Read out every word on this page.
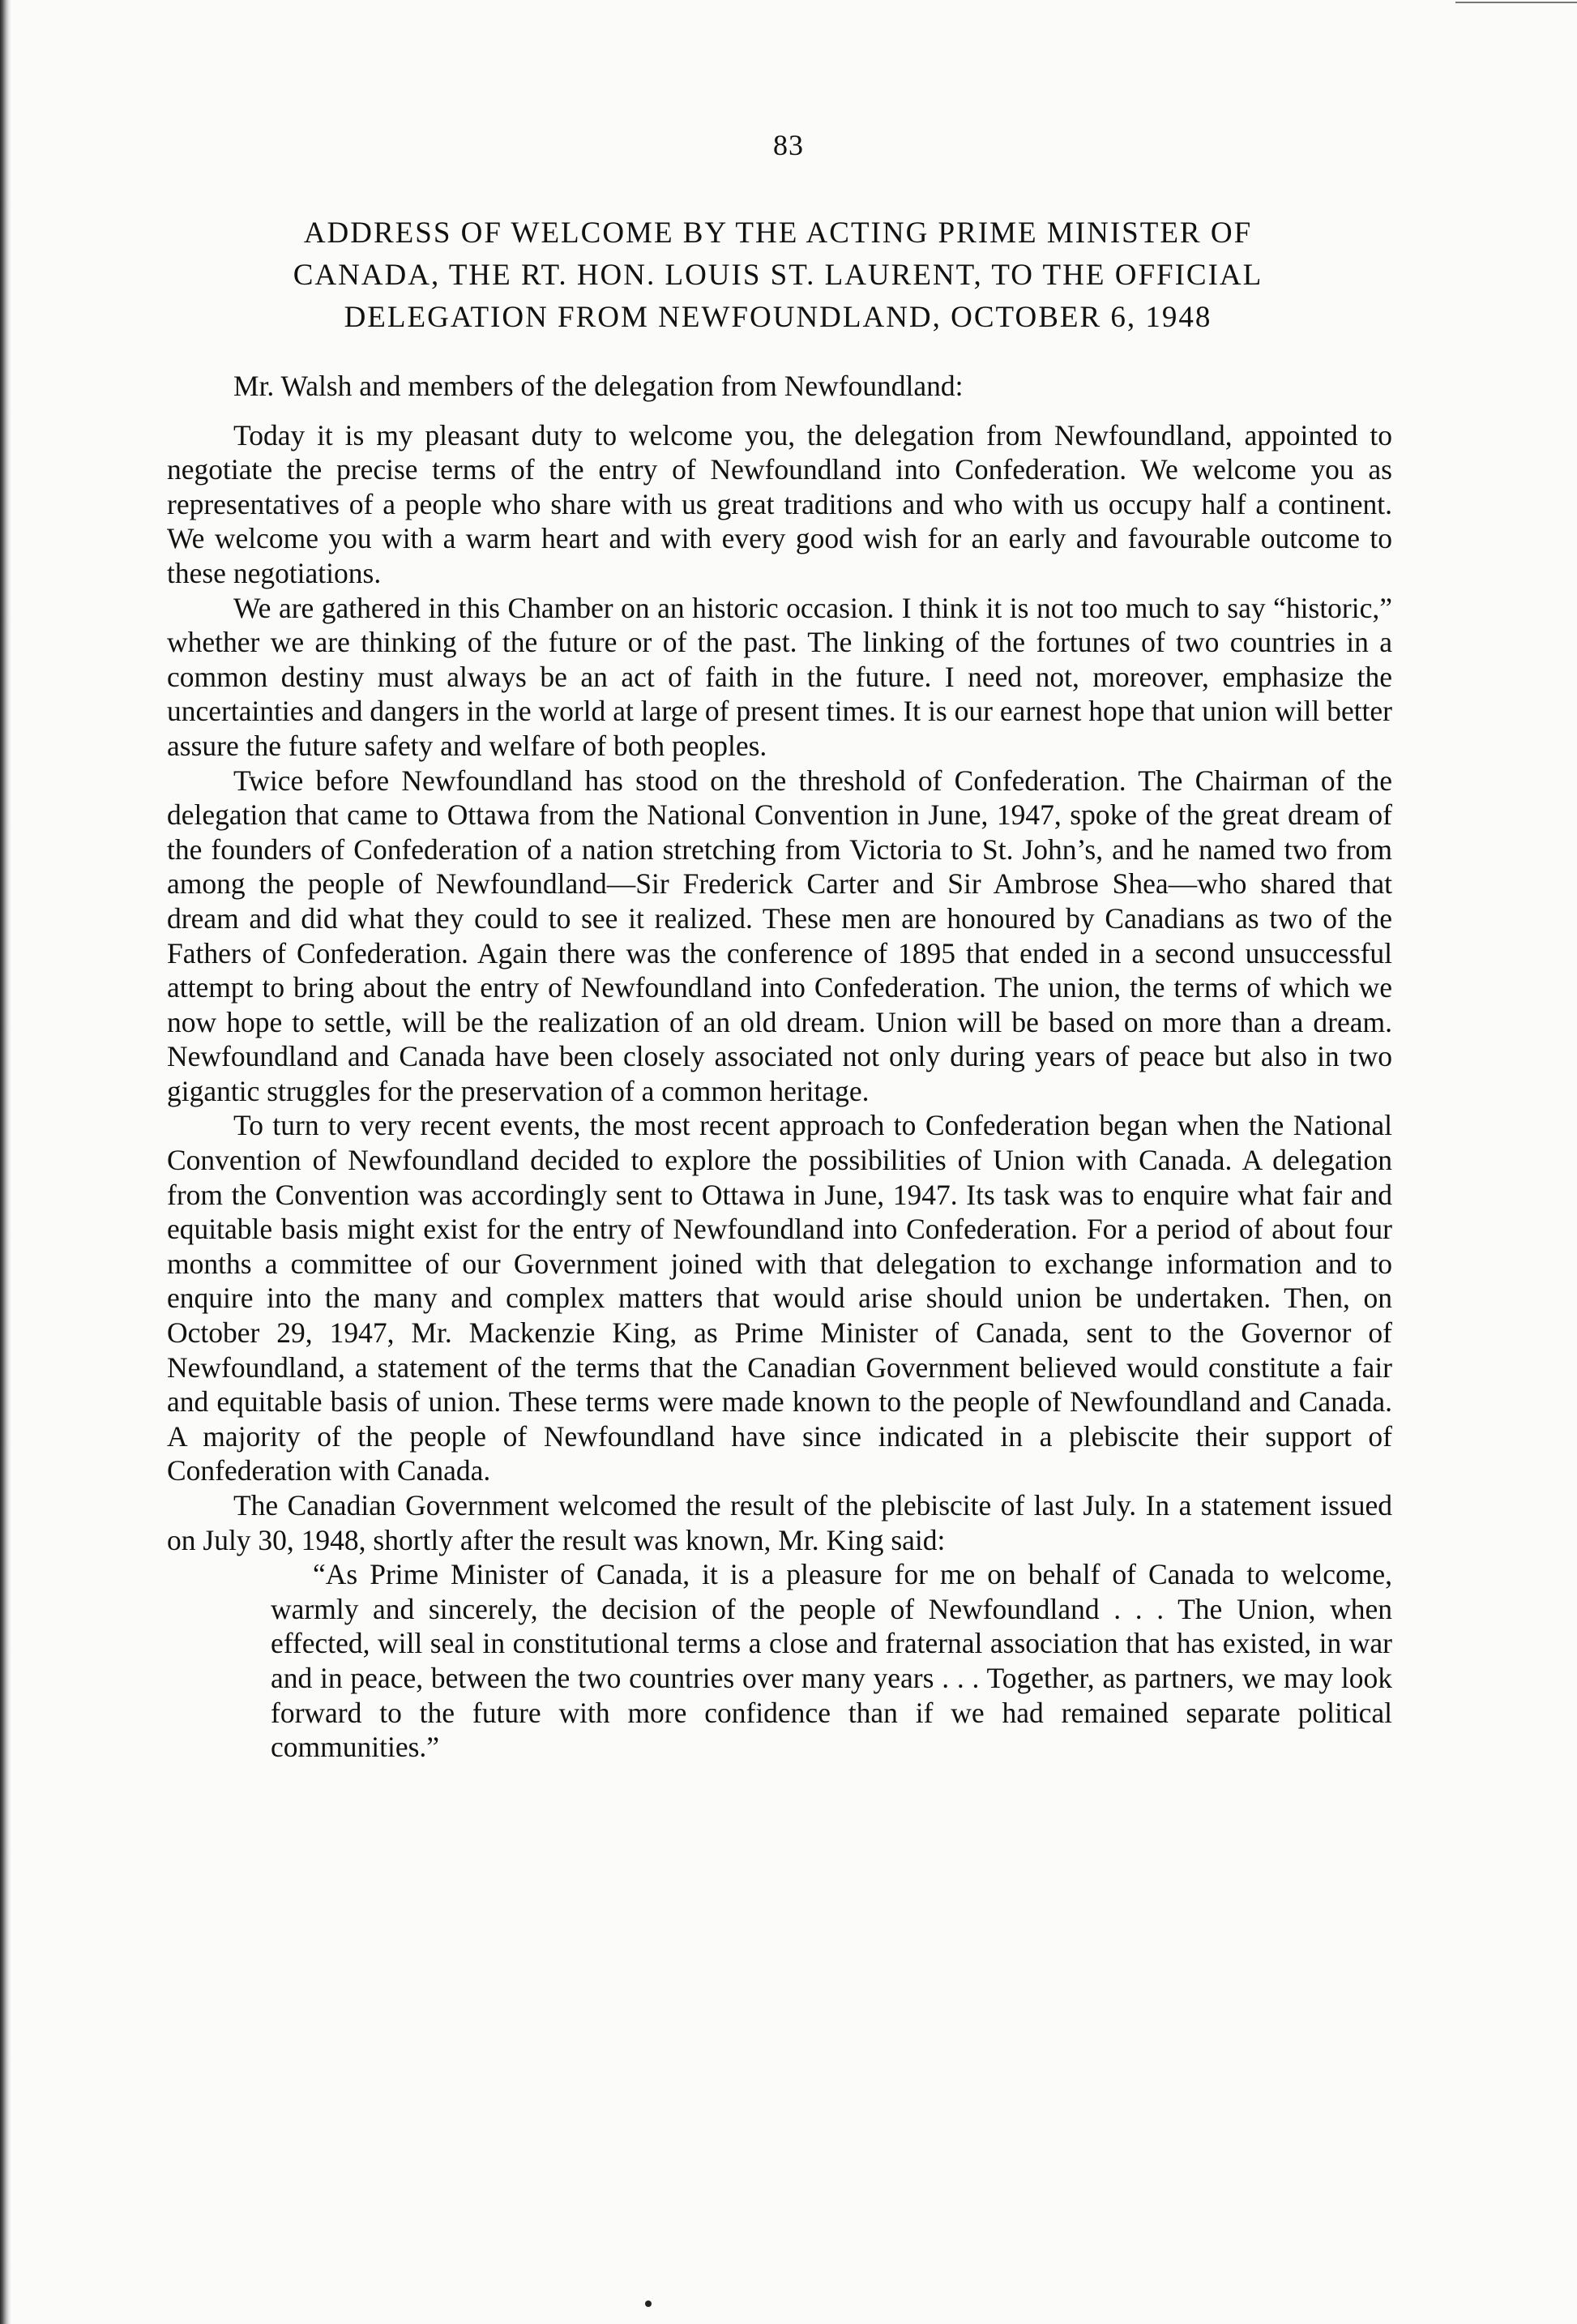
83
ADDRESS OF WELCOME BY THE ACTING PRIME MINISTER OF
CANADA, THE RT. HON. LOUIS ST. LAURENT, TO THE OFFICIAL
DELEGATION FROM NEWFOUNDLAND, OCTOBER 6, 1948

Mr. Walsh and members of the delegation from Newfoundland:

Today it is my pleasant duty to welcome you, the delegation from Newfoundland, appointed to negotiate the precise terms of the entry of Newfoundland into Confederation. We welcome you as representatives of a people who share with us great traditions and who with us occupy half a continent. We welcome you with a warm heart and with every good wish for an early and favourable outcome to these negotiations.

We are gathered in this Chamber on an historic occasion. I think it is not too much to say “historic,” whether we are thinking of the future or of the past. The linking of the fortunes of two countries in a common destiny must always be an act of faith in the future. I need not, moreover, emphasize the uncertainties and dangers in the world at large of present times. It is our earnest hope that union will better assure the future safety and welfare of both peoples.

Twice before Newfoundland has stood on the threshold of Confederation. The Chairman of the delegation that came to Ottawa from the National Convention in June, 1947, spoke of the great dream of the founders of Confederation of a nation stretching from Victoria to St. John’s, and he named two from among the people of Newfoundland—Sir Frederick Carter and Sir Ambrose Shea—who shared that dream and did what they could to see it realized. These men are honoured by Canadians as two of the Fathers of Confederation. Again there was the conference of 1895 that ended in a second unsuccessful attempt to bring about the entry of Newfoundland into Confederation. The union, the terms of which we now hope to settle, will be the realization of an old dream. Union will be based on more than a dream. Newfoundland and Canada have been closely associated not only during years of peace but also in two gigantic struggles for the preservation of a common heritage.

To turn to very recent events, the most recent approach to Confederation began when the National Convention of Newfoundland decided to explore the possibilities of Union with Canada. A delegation from the Convention was accordingly sent to Ottawa in June, 1947. Its task was to enquire what fair and equitable basis might exist for the entry of Newfoundland into Confederation. For a period of about four months a committee of our Government joined with that delegation to exchange information and to enquire into the many and complex matters that would arise should union be undertaken. Then, on October 29, 1947, Mr. Mackenzie King, as Prime Minister of Canada, sent to the Governor of Newfoundland, a statement of the terms that the Canadian Government believed would constitute a fair and equitable basis of union. These terms were made known to the people of Newfoundland and Canada. A majority of the people of Newfoundland have since indicated in a plebiscite their support of Confederation with Canada.

The Canadian Government welcomed the result of the plebiscite of last July. In a statement issued on July 30, 1948, shortly after the result was known, Mr. King said:

“As Prime Minister of Canada, it is a pleasure for me on behalf of Canada to welcome, warmly and sincerely, the decision of the people of Newfoundland . . . The Union, when effected, will seal in constitutional terms a close and fraternal association that has existed, in war and in peace, between the two countries over many years . . . Together, as partners, we may look forward to the future with more confidence than if we had remained separate political communities.”
